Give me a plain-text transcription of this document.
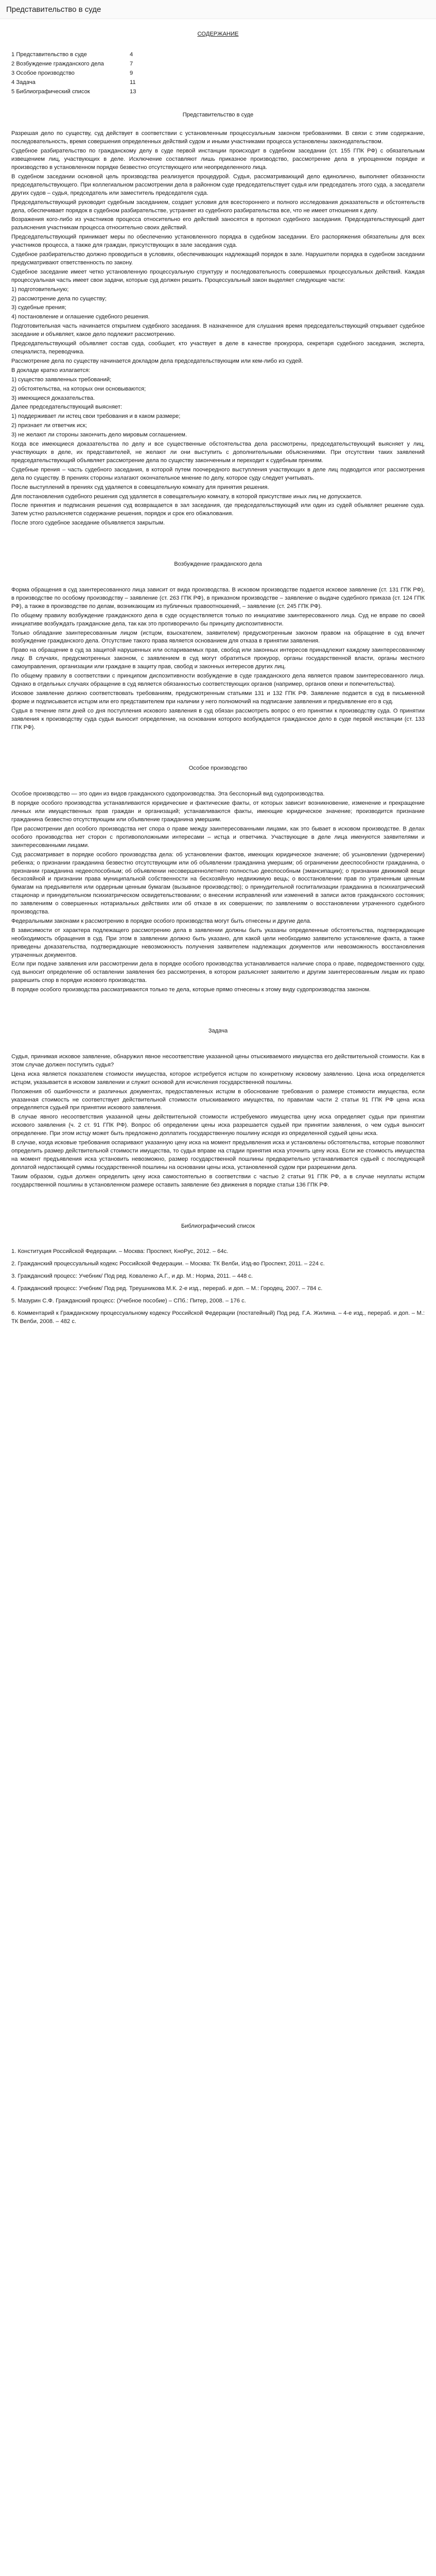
Представительство в суде
СОДЕРЖАНИЕ
1 Представительство в суде	4
2 Возбуждение гражданского дела	7
3 Особое производство	9
4 Задача	11
5 Библиографический список	13
Представительство в суде

Разрешая дело по существу, суд действует в соответствии с установленным процессуальным законом требованиями. В связи с этим содержание, последовательность, время совершения определенных действий судом и иными участниками процесса установлены законодательством.

Судебное разбирательство по гражданскому делу в суде первой инстанции происходит в судебном заседании (ст. 155 ГПК РФ) с обязательным извещением лиц, участвующих в деле. Исключение составляют лишь приказное производство, рассмотрение дела в упрощенном порядке и производство в установленном порядке безвестно отсутствующего или неопределенного лица.

В судебном заседании основной цель производства реализуется процедурой. Судья, рассматривающий дело единолично, выполняет обязанности председательствующего. При коллегиальном рассмотрении дела в районном суде председательствует судья или председатель этого суда, а заседатели других судов – судья, председатель или заместитель председателя суда.

Председательствующий руководит судебным заседанием, создает условия для всестороннего и полного исследования доказательств и обстоятельств дела, обеспечивает порядок в судебном разбирательстве, устраняет из судебного разбирательства все, что не имеет отношения к делу.

Возражения кого-либо из участников процесса относительно его действий заносятся в протокол судебного заседания. Председательствующий дает разъяснения участникам процесса относительно своих действий.

Председательствующий принимает меры по обеспечению установленного порядка в судебном заседании. Его распоряжения обязательны для всех участников процесса, а также для граждан, присутствующих в зале заседания суда.

Судебное разбирательство должно проводиться в условиях, обеспечивающих надлежащий порядок в зале. Нарушители порядка в судебном заседании предусматривают ответственность по закону.

Судебное заседание имеет четко установленную процессуальную структуру и последовательность совершаемых процессуальных действий. Каждая процессуальная часть имеет свои задачи, которые суд должен решить. Процессуальный закон выделяет следующие части:

1) подготовительную;

2) рассмотрение дела по существу;

3) судебные прения;

4) постановление и оглашение судебного решения.

Подготовительная часть начинается открытием судебного заседания. В назначенное для слушания время председательствующий открывает судебное заседание и объявляет, какое дело подлежит рассмотрению.

Председательствующий объявляет состав суда, сообщает, кто участвует в деле в качестве прокурора, секретаря судебного заседания, эксперта, специалиста, переводчика.

Рассмотрение дела по существу начинается докладом дела председательствующим или кем-либо из судей.

В докладе кратко излагается:

1) существо заявленных требований;

2) обстоятельства, на которых они основываются;

3) имеющиеся доказательства.

Далее председательствующий выясняет:

1) поддерживает ли истец свои требования и в каком размере;

2) признает ли ответчик иск;

3) не желают ли стороны закончить дело мировым соглашением.

Когда все имеющиеся доказательства по делу и все существенные обстоятельства дела рассмотрены, председательствующий выясняет у лиц, участвующих в деле, их представителей, не желают ли они выступить с дополнительными объяснениями. При отсутствии таких заявлений председательствующий объявляет рассмотрение дела по существу законченным и переходит к судебным прениям.

Судебные прения – часть судебного заседания, в которой путем поочередного выступления участвующих в деле лиц подводится итог рассмотрения дела по существу. В прениях стороны излагают окончательное мнение по делу, которое суду следует учитывать.

После выступлений в прениях суд удаляется в совещательную комнату для принятия решения.

Для постановления судебного решения суд удаляется в совещательную комнату, в которой присутствие иных лиц не допускается.

После принятия и подписания решения суд возвращается в зал заседания, где председательствующий или один из судей объявляет решение суда. Затем устно разъясняется содержание решения, порядок и срок его обжалования.

После этого судебное заседание объявляется закрытым.

Возбуждение гражданского дела

Форма обращения в суд заинтересованного лица зависит от вида производства. В исковом производстве подается исковое заявление (ст. 131 ГПК РФ), в производстве по особому производству – заявление (ст. 263 ГПК РФ), в приказном производстве – заявление о выдаче судебного приказа (ст. 124 ГПК РФ), а также в производстве по делам, возникающим из публичных правоотношений, – заявление (ст. 245 ГПК РФ).

По общему правилу возбуждение гражданского дела в суде осуществляется только по инициативе заинтересованного лица. Суд не вправе по своей инициативе возбуждать гражданские дела, так как это противоречило бы принципу диспозитивности.

Только обладание заинтересованным лицом (истцом, взыскателем, заявителем) предусмотренным законом правом на обращение в суд влечет возбуждение гражданского дела. Отсутствие такого права является основанием для отказа в принятии заявления.

Право на обращение в суд за защитой нарушенных или оспариваемых прав, свобод или законных интересов принадлежит каждому заинтересованному лицу. В случаях, предусмотренных законом, с заявлением в суд могут обратиться прокурор, органы государственной власти, органы местного самоуправления, организации или граждане в защиту прав, свобод и законных интересов других лиц.

По общему правилу в соответствии с принципом диспозитивности возбуждение в суде гражданского дела является правом заинтересованного лица. Однако в отдельных случаях обращение в суд является обязанностью соответствующих органов (например, органов опеки и попечительства).

Исковое заявление должно соответствовать требованиям, предусмотренным статьями 131 и 132 ГПК РФ. Заявление подается в суд в письменной форме и подписывается истцом или его представителем при наличии у него полномочий на подписание заявления и предъявление его в суд.

Судья в течение пяти дней со дня поступления искового заявления в суд обязан рассмотреть вопрос о его принятии к производству суда. О принятии заявления к производству суда судья выносит определение, на основании которого возбуждается гражданское дело в суде первой инстанции (ст. 133 ГПК РФ).

Особое производство

Особое производство — это один из видов гражданского судопроизводства. Эта бесспорный вид судопроизводства.

В порядке особого производства устанавливаются юридические и фактические факты, от которых зависит возникновение, изменение и прекращение личных или имущественных прав граждан и организаций; устанавливаются факты, имеющие юридическое значение; производится признание гражданина безвестно отсутствующим или объявление гражданина умершим.

При рассмотрении дел особого производства нет спора о праве между заинтересованными лицами, как это бывает в исковом производстве. В делах особого производства нет сторон с противоположными интересами – истца и ответчика. Участвующие в деле лица именуются заявителями и заинтересованными лицами.

Суд рассматривает в порядке особого производства дела: об установлении фактов, имеющих юридическое значение; об усыновлении (удочерении) ребенка; о признании гражданина безвестно отсутствующим или об объявлении гражданина умершим; об ограничении дееспособности гражданина, о признании гражданина недееспособным; об объявлении несовершеннолетнего полностью дееспособным (эмансипации); о признании движимой вещи бесхозяйной и признании права муниципальной собственности на бесхозяйную недвижимую вещь; о восстановлении прав по утраченным ценным бумагам на предъявителя или ордерным ценным бумагам (вызывное производство); о принудительной госпитализации гражданина в психиатрический стационар и принудительном психиатрическом освидетельствовании; о внесении исправлений или изменений в записи актов гражданского состояния; по заявлениям о совершенных нотариальных действиях или об отказе в их совершении; по заявлениям о восстановлении утраченного судебного производства.

Федеральными законами к рассмотрению в порядке особого производства могут быть отнесены и другие дела.

В зависимости от характера подлежащего рассмотрению дела в заявлении должны быть указаны определенные обстоятельства, подтверждающие необходимость обращения в суд. При этом в заявлении должно быть указано, для какой цели необходимо заявителю установление факта, а также приведены доказательства, подтверждающие невозможность получения заявителем надлежащих документов или невозможность восстановления утраченных документов.

Если при подаче заявления или рассмотрении дела в порядке особого производства устанавливается наличие спора о праве, подведомственного суду, суд выносит определение об оставлении заявления без рассмотрения, в котором разъясняет заявителю и другим заинтересованным лицам их право разрешить спор в порядке искового производства.

В порядке особого производства рассматриваются только те дела, которые прямо отнесены к этому виду судопроизводства законом.

Задача

Судья, принимая исковое заявление, обнаружил явное несоответствие указанной цены отыскиваемого имущества его действительной стоимости. Как в этом случае должен поступить судья?

Цена иска является показателем стоимости имущества, которое истребуется истцом по конкретному исковому заявлению. Цена иска определяется истцом, указывается в исковом заявлении и служит основой для исчисления государственной пошлины.

Положения об ошибочности и различных документах, предоставленных истцом в обоснование требования о размере стоимости имущества, если указанная стоимость не соответствует действительной стоимости отыскиваемого имущества, по правилам части 2 статьи 91 ГПК РФ цена иска определяется судьей при принятии искового заявления.

В случае явного несоответствия указанной цены действительной стоимости истребуемого имущества цену иска определяет судья при принятии искового заявления (ч. 2 ст. 91 ГПК РФ). Вопрос об определении цены иска разрешается судьей при принятии заявления, о чем судья выносит определение. При этом истцу может быть предложено доплатить государственную пошлину исходя из определенной судьей цены иска.

В случае, когда исковые требования оспаривают указанную цену иска на момент предъявления иска и установлены обстоятельства, которые позволяют определить размер действительной стоимости имущества, то судья вправе на стадии принятия иска уточнить цену иска. Если же стоимость имущества на момент предъявления иска установить невозможно, размер государственной пошлины предварительно устанавливается судьей с последующей доплатой недостающей суммы государственной пошлины на основании цены иска, установленной судом при разрешении дела.

Таким образом, судья должен определить цену иска самостоятельно в соответствии с частью 2 статьи 91 ГПК РФ, а в случае неуплаты истцом государственной пошлины в установленном размере оставить заявление без движения в порядке статьи 136 ГПК РФ.

Библиографический список
1. Конституция Российской Федерации. – Москва: Проспект, КноРус, 2012. – 64с.
2. Гражданский процессуальный кодекс Российской Федерации. – Москва: ТК Велби, Изд-во Проспект, 2011. – 224 с.
3. Гражданский процесс: Учебник/ Под ред. Коваленко А.Г., и др. М.: Норма, 2011. – 448 с.
4. Гражданский процесс: Учебник/ Под ред. Треушникова М.К. 2-е изд., перераб. и доп. – М.: Городец, 2007. – 784 с.
5. Мазурин С.Ф. Гражданский процесс: (Учебное пособие) – СПб.: Питер, 2008. – 176 с.
6. Комментарий к Гражданскому процессуальному кодексу Российской Федерации (постатейный) Под ред. Г.А. Жилина. – 4-е изд., перераб. и доп. – М.: ТК Велби, 2008. – 482 с.
